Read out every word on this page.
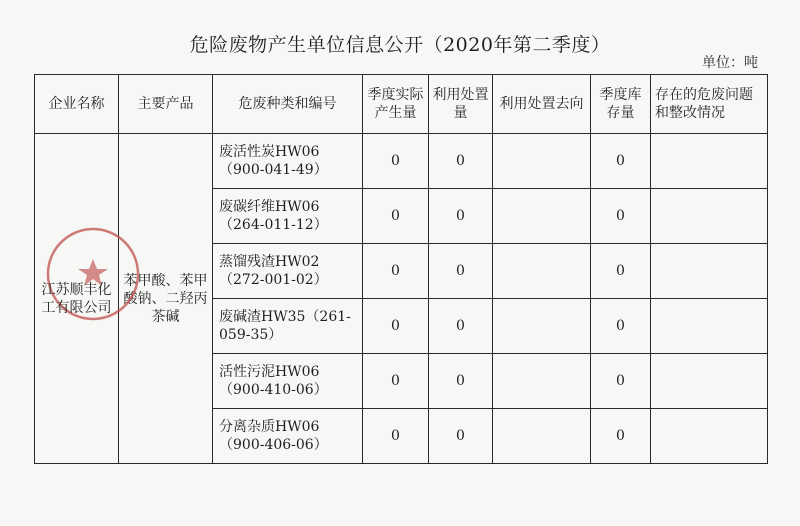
危险废物产生单位信息公开（2020年第二季度）
单位：吨
企业名称	主要产品	危废种类和编号	季度实际产生量	利用处置量	利用处置去向	季度库存量	存在的危废问题和整改情况

江苏顺丰化工有限公司	苯甲酸、苯甲酸钠、二羟丙茶碱	废活性炭HW06（900-041-49）	0	0		0	
		废碳纤维HW06（264-011-12）	0	0		0	
		蒸馏残渣HW02（272-001-02）	0	0		0	
		废碱渣HW35（261-059-35）	0	0		0	
		活性污泥HW06（900-410-06）	0	0		0	
		分离杂质HW06（900-406-06）	0	0		0	
